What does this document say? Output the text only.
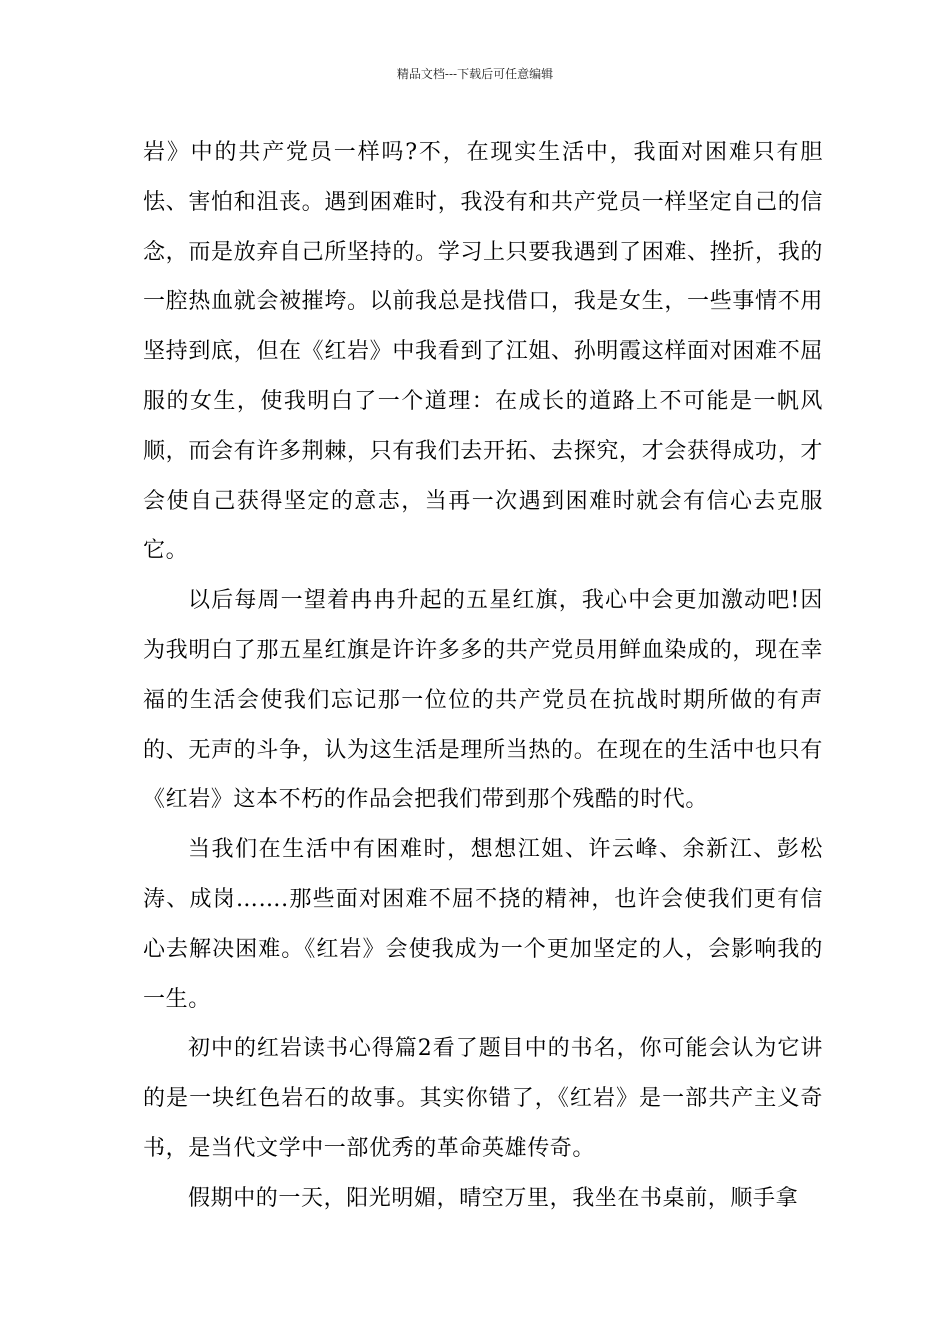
精品文档---下载后可任意编辑

岩》中的共产党员一样吗?不，在现实生活中，我面对困难只有胆怯、害怕和沮丧。遇到困难时，我没有和共产党员一样坚定自己的信念，而是放弃自己所坚持的。学习上只要我遇到了困难、挫折，我的一腔热血就会被摧垮。以前我总是找借口，我是女生，一些事情不用坚持到底，但在《红岩》中我看到了江姐、孙明霞这样面对困难不屈服的女生，使我明白了一个道理：在成长的道路上不可能是一帆风顺，而会有许多荆棘，只有我们去开拓、去探究，才会获得成功，才会使自己获得坚定的意志，当再一次遇到困难时就会有信心去克服它。

以后每周一望着冉冉升起的五星红旗，我心中会更加激动吧!因为我明白了那五星红旗是许许多多的共产党员用鲜血染成的，现在幸福的生活会使我们忘记那一位位的共产党员在抗战时期所做的有声的、无声的斗争，认为这生活是理所当热的。在现在的生活中也只有《红岩》这本不朽的作品会把我们带到那个残酷的时代。

当我们在生活中有困难时，想想江姐、许云峰、余新江、彭松涛、成岗…….那些面对困难不屈不挠的精神，也许会使我们更有信心去解决困难。《红岩》会使我成为一个更加坚定的人，会影响我的一生。

初中的红岩读书心得篇2看了题目中的书名，你可能会认为它讲的是一块红色岩石的故事。其实你错了，《红岩》是一部共产主义奇书，是当代文学中一部优秀的革命英雄传奇。

假期中的一天，阳光明媚，晴空万里，我坐在书桌前，顺手拿
